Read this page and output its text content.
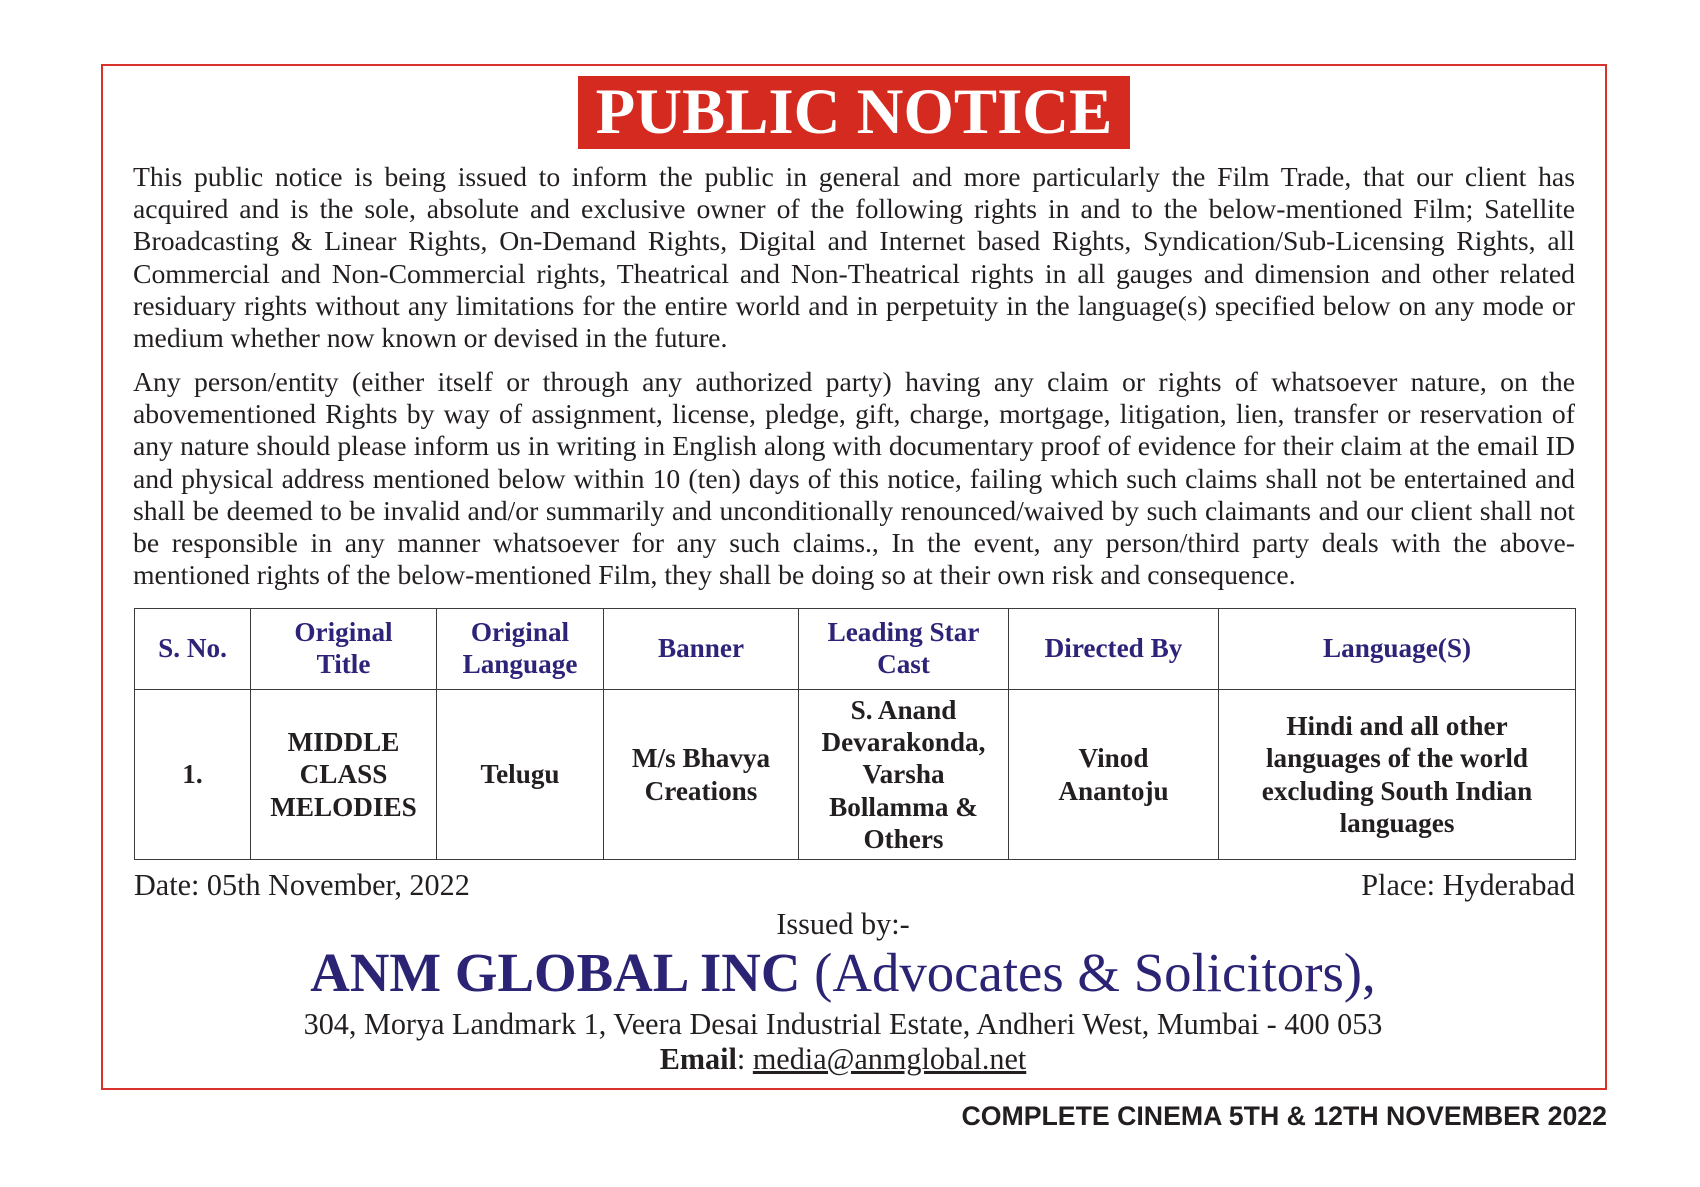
PUBLIC NOTICE

This public notice is being issued to inform the public in general and more particularly the Film Trade, that our client has acquired and is the sole, absolute and exclusive owner of the following rights in and to the below-mentioned Film; Satellite Broadcasting & Linear Rights, On-Demand Rights, Digital and Internet based Rights, Syndication/Sub-Licensing Rights, all Commercial and Non-Commercial rights, Theatrical and Non-Theatrical rights in all gauges and dimension and other related residuary rights without any limitations for the entire world and in perpetuity in the language(s) specified below on any mode or medium whether now known or devised in the future.

Any person/entity (either itself or through any authorized party) having any claim or rights of whatsoever nature, on the abovementioned Rights by way of assignment, license, pledge, gift, charge, mortgage, litigation, lien, transfer or reservation of any nature should please inform us in writing in English along with documentary proof of evidence for their claim at the email ID and physical address mentioned below within 10 (ten) days of this notice, failing which such claims shall not be entertained and shall be deemed to be invalid and/or summarily and unconditionally renounced/waived by such claimants and our client shall not be responsible in any manner whatsoever for any such claims., In the event, any person/third party deals with the above-mentioned rights of the below-mentioned Film, they shall be doing so at their own risk and consequence.

S. No.	Original Title	Original Language	Banner	Leading Star Cast	Directed By	Language(S)
1.	MIDDLE CLASS MELODIES	Telugu	M/s Bhavya Creations	S. Anand Devarakonda, Varsha Bollamma & Others	Vinod Anantoju	Hindi and all other languages of the world excluding South Indian languages
Date: 05th November, 2022	Place: Hyderabad
Issued by:-
ANM GLOBAL INC (Advocates & Solicitors),
304, Morya Landmark 1, Veera Desai Industrial Estate, Andheri West, Mumbai - 400 053
Email: media@anmglobal.net
COMPLETE CINEMA 5TH & 12TH NOVEMBER 2022
